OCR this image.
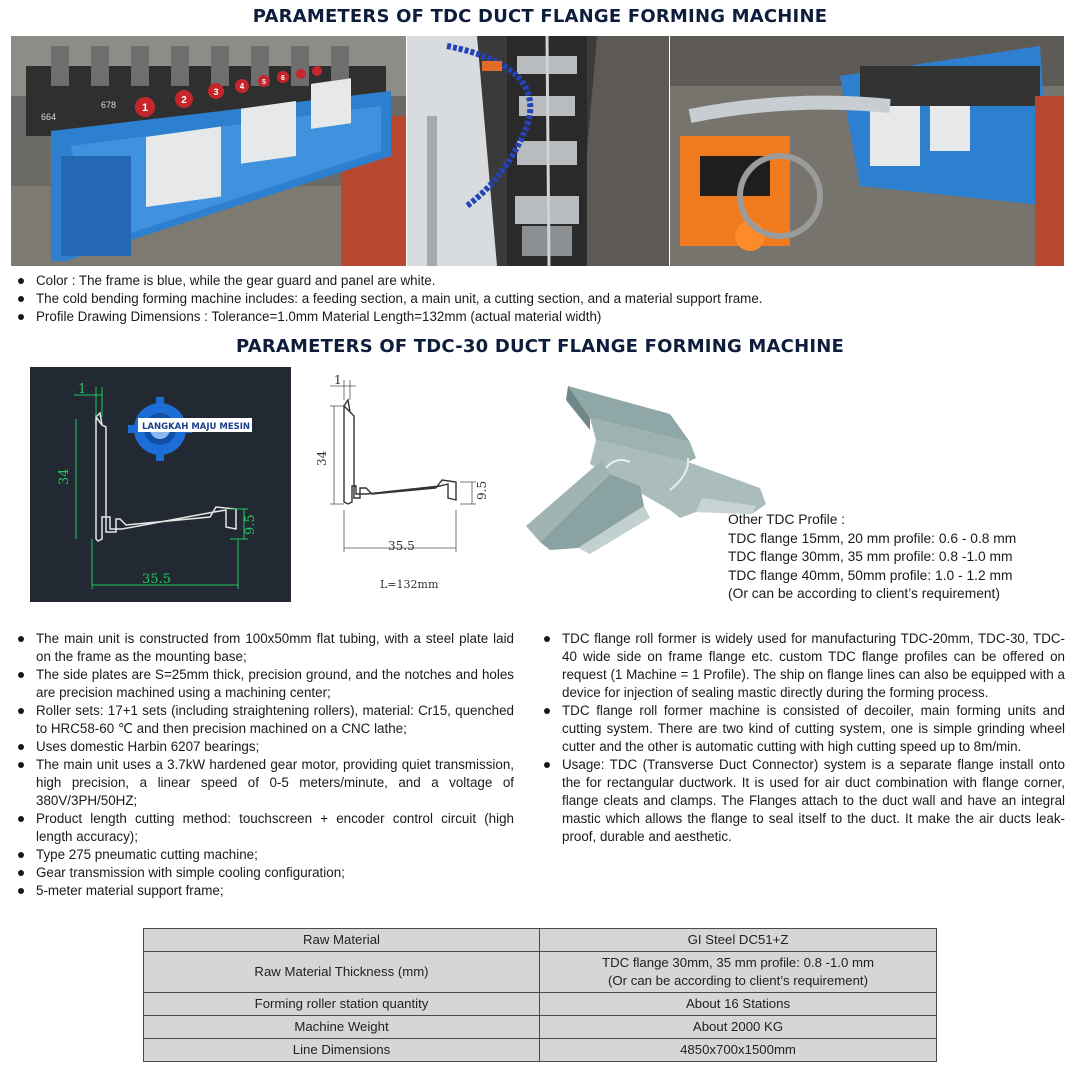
PARAMETERS OF TDC DUCT FLANGE FORMING MACHINE
1
2
3
4	5
6
664
678
Color : The frame is blue, while the gear guard and panel are white.
The cold bending forming machine includes: a feeding section, a main unit, a cutting section, and a material support frame.
Profile Drawing Dimensions : Tolerance=1.0mm Material Length=132mm (actual material width)
PARAMETERS OF TDC-30 DUCT FLANGE FORMING MACHINE
1
34
9.5
35.5
LANGKAH MAJU MESIN
1
34
9.5
35.5
L=132mm
Other TDC Profile :
TDC flange 15mm, 20 mm profile: 0.6 - 0.8 mm
TDC flange 30mm, 35 mm profile: 0.8 -1.0 mm
TDC flange 40mm, 50mm profile: 1.0 - 1.2 mm
(Or can be according to client’s requirement)
The main unit is constructed from 100x50mm flat tubing, with a steel plate laid on the frame as the mounting base;
The side plates are S=25mm thick, precision ground, and the notches and holes are precision machined using a machining center;
Roller sets: 17+1 sets (including straightening rollers), material: Cr15, quenched to HRC58-60 ℃ and then precision machined on a CNC lathe;
Uses domestic Harbin 6207 bearings;
The main unit uses a 3.7kW hardened gear motor, providing quiet transmission, high precision, a linear speed of 0-5 meters/minute, and a voltage of 380V/3PH/50HZ;
Product length cutting method: touchscreen + encoder control circuit (high length accuracy);
Type 275 pneumatic cutting machine;
Gear transmission with simple cooling configuration;
5-meter material support frame;
TDC flange roll former is widely used for manufacturing TDC-20mm, TDC-30, TDC-40 wide side on frame flange etc. custom TDC flange profiles can be offered on request (1 Machine = 1 Profile). The ship on flange lines can also be equipped with a device for injection of sealing mastic directly during the forming process.
TDC flange roll former machine is consisted of decoiler, main forming units and cutting system. There are two kind of cutting system, one is simple grinding wheel cutter and the other is automatic cutting with high cutting speed up to 8m/min.
Usage: TDC (Transverse Duct Connector) system is a separate flange install onto the for rectangular ductwork. It is used for air duct combination with flange corner, flange cleats and clamps. The Flanges attach to the duct wall and have an integral mastic which allows the flange to seal itself to the duct. It make the air ducts leak-proof, durable and aesthetic.
Raw Material	GI Steel DC51+Z
Raw Material Thickness (mm)	TDC flange 30mm, 35 mm profile: 0.8 -1.0 mm
(Or can be according to client’s requirement)

Forming roller station quantity	About 16 Stations
Machine Weight	About 2000 KG
Line Dimensions	4850x700x1500mm
